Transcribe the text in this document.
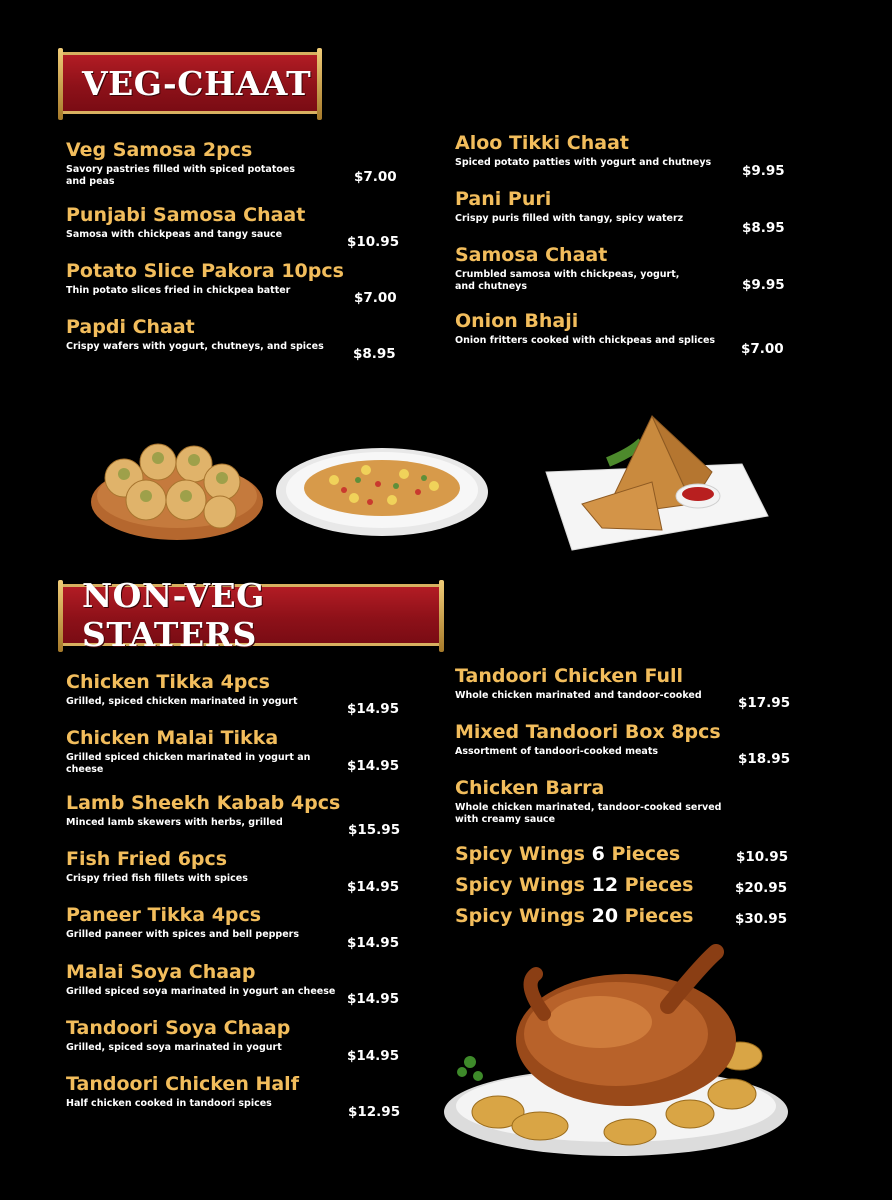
VEG-CHAAT
Veg Samosa 2pcs
Savory pastries filled with spiced potatoes and peas	$7.00
Punjabi Samosa Chaat
Samosa with chickpeas and tangy sauce	$10.95
Potato Slice Pakora 10pcs
Thin potato slices fried in chickpea batter	$7.00
Papdi Chaat
Crispy wafers with yogurt, chutneys, and spices	$8.95
Aloo Tikki Chaat
Spiced potato patties with yogurt and chutneys
$9.95
Pani Puri
Crispy puris filled with tangy, spicy waterz
$8.95
Samosa Chaat
Crumbled samosa with chickpeas, yogurt, and chutneys	$9.95
Onion Bhaji
Onion fritters cooked with chickpeas and splices
$7.00
NON-VEG STATERS
Chicken Tikka 4pcs
Grilled, spiced chicken marinated in yogurt	$14.95
Chicken Malai Tikka
Grilled spiced chicken marinated in yogurt an cheese	$14.95
Lamb Sheekh Kabab 4pcs
Minced lamb skewers with herbs, grilled	$15.95
Fish Fried 6pcs
Crispy fried fish fillets with spices
$14.95
Paneer Tikka 4pcs
Grilled paneer with spices and bell peppers
$14.95
Malai Soya Chaap
Grilled spiced soya marinated in yogurt an cheese $14.95
Tandoori Soya Chaap
Grilled, spiced soya marinated in yogurt
$14.95
Tandoori Chicken Half
Half chicken cooked in tandoori spices
$12.95
Tandoori Chicken Full
Whole chicken marinated and tandoor-cooked	$17.95
Mixed Tandoori Box 8pcs
Assortment of tandoori-cooked meats	$18.95
Chicken Barra
Whole chicken marinated, tandoor-cooked served with creamy sauce
Spicy Wings 6 Pieces	$10.95
Spicy Wings 12 Pieces	$20.95
Spicy Wings 20 Pieces	$30.95
